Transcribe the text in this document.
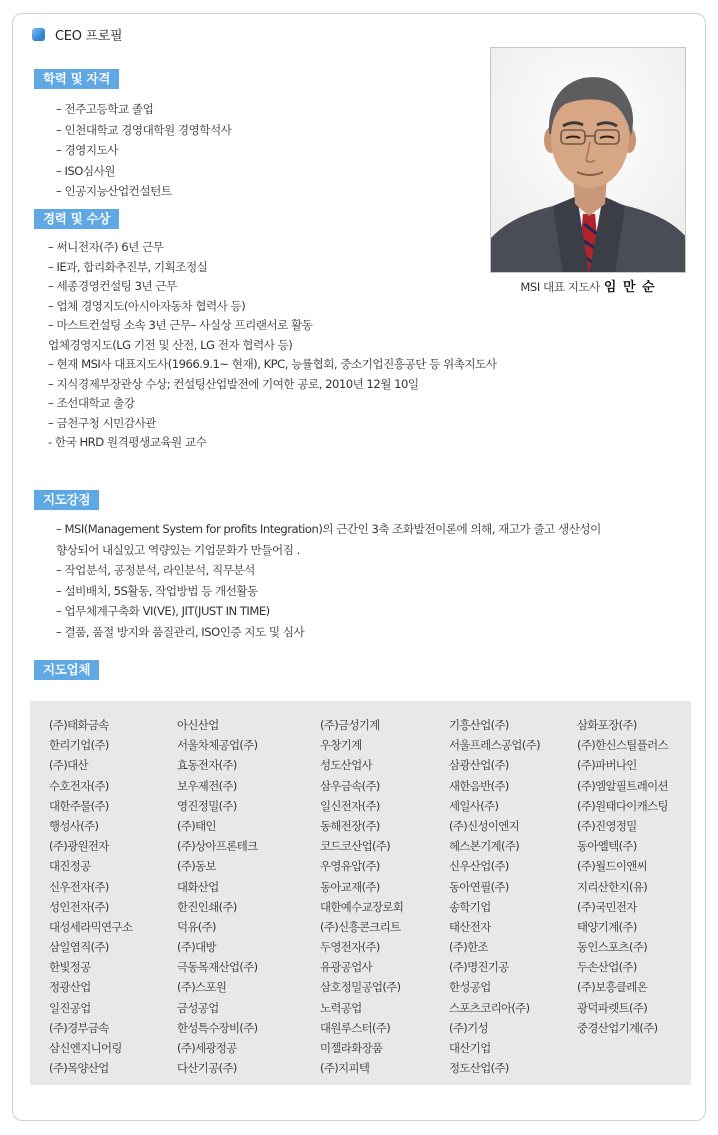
CEO 프로필
학력 및 자격
– 전주고등학교 졸업
– 인천대학교 경영대학원 경영학석사
– 경영지도사
– ISO심사원
– 인공지능산업컨설턴트
경력 및 수상
– 써니전자(주) 6년 근무
– IE과, 합리화추진부, 기획조정실
– 세종경영컨설팅 3년 근무
– 업체 경영지도(아시아자동차 협력사 등)
– 마스트컨설팅 소속 3년 근무– 사실상 프리랜서로 활동
업체경영지도(LG 기전 및 산전, LG 전자 협력사 등)
– 현재 MSI사 대표지도사(1966.9.1~ 현재), KPC, 능률협회, 중소기업진흥공단 등 위촉지도사
– 지식경제부장관상 수상; 컨설팅산업발전에 기여한 공로, 2010년 12월 10일
– 조선대학교 출강
– 금천구청 시민감사관
- 한국 HRD 원격평생교육원 교수
MSI 대표 지도사 임 만 순
지도강점
– MSI(Management System for profits Integration)의 근간인 3축 조화발전이론에 의해, 재고가 줄고 생산성이
향상되어 내실있고 역량있는 기업문화가 만들어짐 .
– 작업분석, 공정분석, 라인분석, 직무분석
– 설비배치, 5S활동, 작업방법 등 개선활동
– 업무체계구축화 VI(VE), JIT(JUST IN TIME)
– 결품, 품절 방지와 품질관리, ISO인증 지도 및 심사
지도업체
(주)태화금속	아신산업	(주)금성기계	기흥산업(주)	삼화포장(주)
한리기업(주)	서울차체공업(주)	우창기계	서울프레스공업(주)	(주)한신스틸플러스
(주)대산	효동전자(주)	성도산업사	삼광산업(주)	(주)파버나인
수호전자(주)	보우제전(주)	삼우금속(주)	새한음반(주)	(주)엠알필트레이션
대한주물(주)	영진정밀(주)	일신전자(주)	세일사(주)	(주)원태다이캐스팅
행성사(주)	(주)태인	동해전장(주)	(주)신성이엔지	(주)진영정밀
(주)광원전자	(주)상아프론테크	코드코산업(주)	헤스본기계(주)	동아엘텍(주)
대진정공	(주)동보	우영유압(주)	신우산업(주)	(주)월드이앤씨
신우전자(주)	대화산업	동아교재(주)	동아연필(주)	지리산한지(유)
성인전자(주)	한진인쇄(주)	대한예수교장로회	송학기업	(주)국민전자
대성세라믹연구소	덕유(주)	(주)신흥콘크리트	태산전자	태양기계(주)
삼일염직(주)	(주)대방	두영전자(주)	(주)한조	동인스포츠(주)
한빛정공	극동목재산업(주)	유광공업사	(주)명진기공	두손산업(주)
정광산업	(주)스포원	삼호정밀공업(주)	한성공업	(주)보흥클레온
일진공업	금성공업	노력공업	스포츠코리아(주)	광덕파렛트(주)
(주)경부금속	한성특수장비(주)	대원루스터(주)	(주)기성	중경산업기계(주)
삼신엔지니어링	(주)세광정공	미젤라화장품	대산기업
(주)목양산업	다산기공(주)	(주)지피텍	정도산업(주)
